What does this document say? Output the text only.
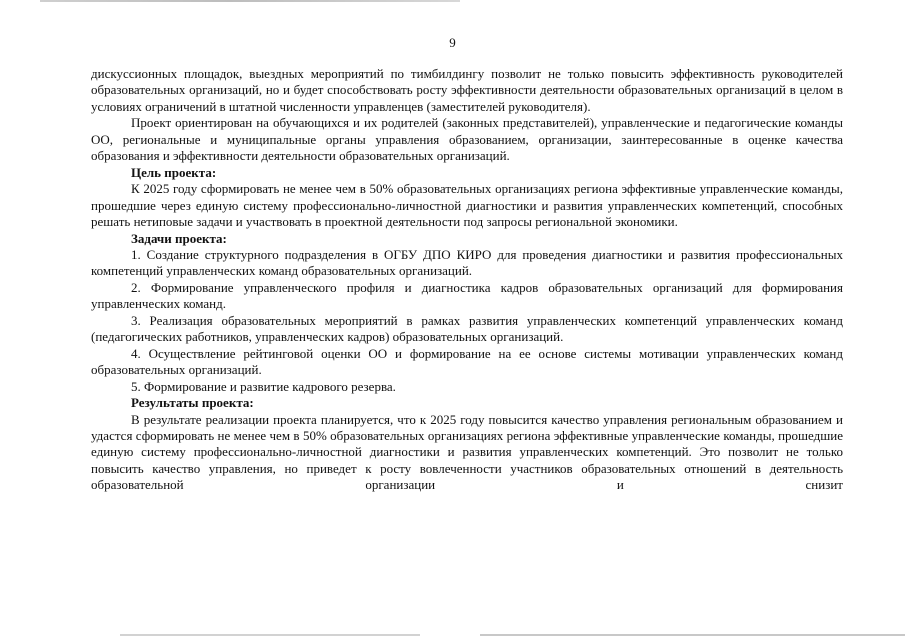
9

дискуссионных площадок, выездных мероприятий по тимбилдингу позволит не только повысить эффективность руководителей образовательных организаций, но и будет способствовать росту эффективности деятельности образовательных организаций в целом в условиях ограничений в штатной численности управленцев (заместителей руководителя).

Проект ориентирован на обучающихся и их родителей (законных представителей), управленческие и педагогические команды ОО, региональные и муниципальные органы управления образованием, организации, заинтересованные в оценке качества образования и эффективности деятельности образовательных организаций.

Цель проекта:

К 2025 году сформировать не менее чем в 50% образовательных организациях региона эффективные управленческие команды, прошедшие через единую систему профессионально-личностной диагностики и развития управленческих компетенций, способных решать нетиповые задачи и участвовать в проектной деятельности под запросы региональной экономики.

Задачи проекта:

1. Создание структурного подразделения в ОГБУ ДПО КИРО для проведения диагностики и развития профессиональных компетенций управленческих команд образовательных организаций.

2. Формирование управленческого профиля и диагностика кадров образовательных организаций для формирования управленческих команд.

3. Реализация образовательных мероприятий в рамках развития управленческих компетенций управленческих команд (педагогических работников, управленческих кадров) образовательных организаций.

4. Осуществление рейтинговой оценки ОО и формирование на ее основе системы мотивации управленческих команд образовательных организаций.

5. Формирование и развитие кадрового резерва.

Результаты проекта:

В результате реализации проекта планируется, что к 2025 году повысится качество управления региональным образованием и удастся сформировать не менее чем в 50% образовательных организациях региона эффективные управленческие команды, прошедшие единую систему профессионально-личностной диагностики и развития управленческих компетенций. Это позволит не только повысить качество управления, но приведет к росту вовлеченности участников образовательных отношений в деятельность образовательной организации и снизит
